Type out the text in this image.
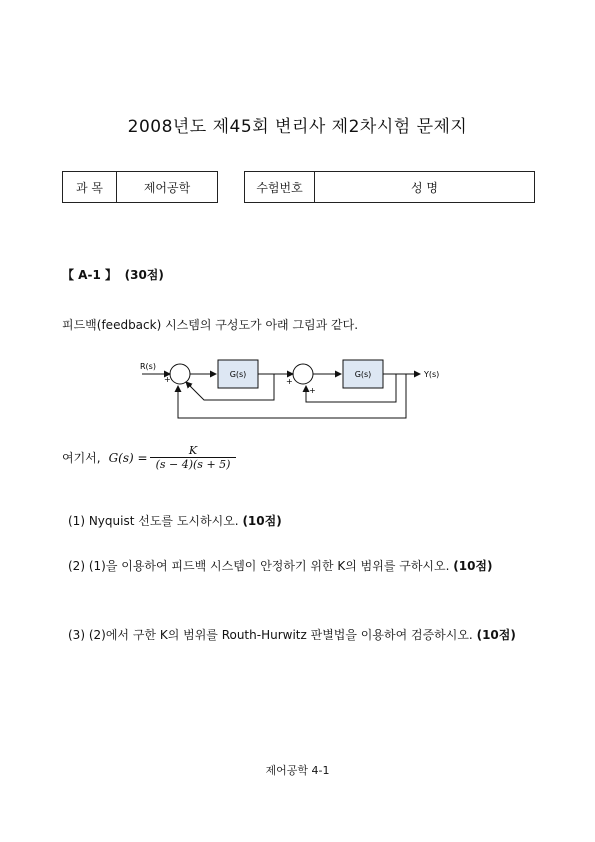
2008년도 제45회 변리사 제2차시험 문제지
과 목	제어공학	수험번호	성 명
【 A-1 】 (30점)
피드백(feedback) 시스템의 구성도가 아래 그림과 같다.
R(s)
Y(s)
G(s)	G(s)
+
-	+
+
여기서, $G(s) = \frac{K}{(s - 4)(s + 5)}$
(1) Nyquist 선도를 도시하시오. (10점)
(2) (1)을 이용하여 피드백 시스템이 안정하기 위한 K의 범위를 구하시오. (10점)
(3) (2)에서 구한 K의 범위를 Routh-Hurwitz 판별법을 이용하여 검증하시오. (10점)
제어공학 4-1
